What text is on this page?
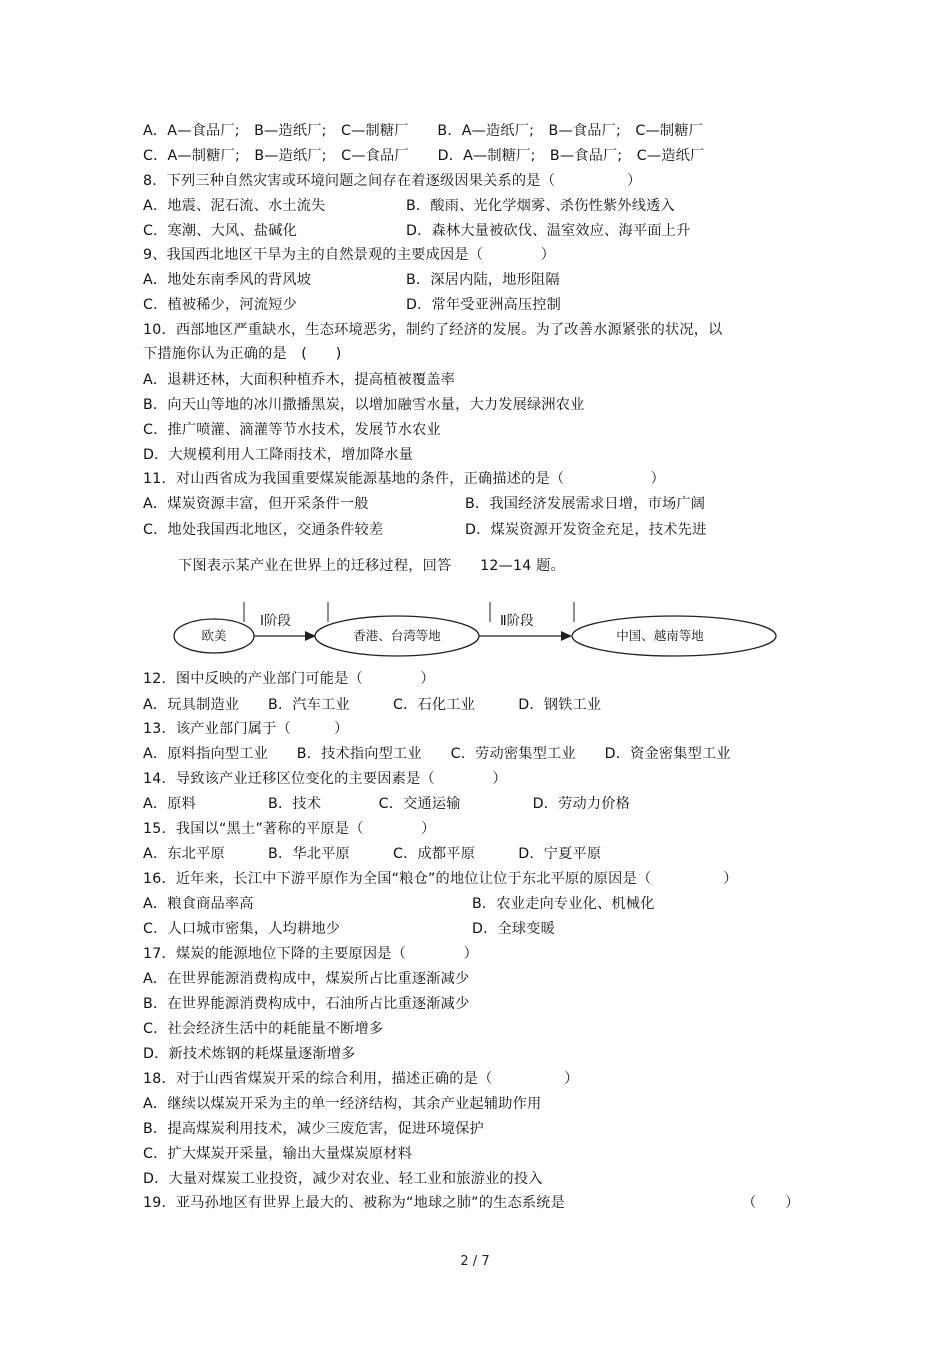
A．A—食品厂;　B—造纸厂;　C—制糖厂　　B．A—造纸厂;　B—食品厂;　C—制糖厂
C．A—制糖厂;　B—造纸厂;　C—食品厂　　D．A—制糖厂;　B—食品厂;　C—造纸厂
8．下列三种自然灾害或环境问题之间存在着逐级因果关系的是（　　　　　）
A．地震、泥石流、水土流失	B．酸雨、光化学烟雾、杀伤性紫外线透入
C．寒潮、大风、盐碱化	D．森林大量被砍伐、温室效应、海平面上升
9、我国西北地区干旱为主的自然景观的主要成因是（　　　　）
A．地处东南季风的背风坡	B．深居内陆，地形阻隔
C．植被稀少，河流短少	D．常年受亚洲高压控制
10．西部地区严重缺水，生态环境恶劣，制约了经济的发展。为了改善水源紧张的状况，以
下措施你认为正确的是　(　　)
A．退耕还林，大面积种植乔木，提高植被覆盖率
B．向天山等地的冰川撒播黑炭，以增加融雪水量，大力发展绿洲农业
C．推广喷灌、滴灌等节水技术，发展节水农业
D．大规模利用人工降雨技术，增加降水量
11．对山西省成为我国重要煤炭能源基地的条件，正确描述的是（　　　　　　）
A．煤炭资源丰富，但开采条件一般	B．我国经济发展需求日增，市场广阔
C．地处我国西北地区，交通条件较差	D．煤炭资源开发资金充足，技术先进
下图表示某产业在世界上的迁移过程，回答　　12—14 题。
12．图中反映的产业部门可能是（　　　　）
A．玩具制造业　　B．汽车工业　　　C．石化工业　　　D．钢铁工业
13．该产业部门属于（　　　）
A．原料指向型工业　　B．技术指向型工业　　C．劳动密集型工业　　D．资金密集型工业
14．导致该产业迁移区位变化的主要因素是（　　　　）
A．原料　　　　　B．技术　　　　C．交通运输　　　　　D．劳动力价格
15．我国以“黑土”著称的平原是（　　　　）
A．东北平原　　　B．华北平原　　　C．成都平原　　　D．宁夏平原
16．近年来，长江中下游平原作为全国“粮仓”的地位让位于东北平原的原因是（　　　　　）
A．粮食商品率高	B．农业走向专业化、机械化
C．人口城市密集，人均耕地少	D．全球变暖
17．煤炭的能源地位下降的主要原因是（　　　　）
A．在世界能源消费构成中，煤炭所占比重逐渐减少
B．在世界能源消费构成中，石油所占比重逐渐减少
C．社会经济生活中的耗能量不断增多
D．新技术炼钢的耗煤量逐渐增多
18．对于山西省煤炭开采的综合利用，描述正确的是（　　　　　）
A．继续以煤炭开采为主的单一经济结构，其余产业起辅助作用
B．提高煤炭利用技术，减少三废危害，促进环境保护
C．扩大煤炭开采量，输出大量煤炭原材料
D．大量对煤炭工业投资，减少对农业、轻工业和旅游业的投入
19．亚马孙地区有世界上最大的、被称为“地球之肺”的生态系统是	（　　）
欧美	香港、台湾等地	中国、越南等地
Ⅰ阶段	Ⅱ阶段
2 / 7
